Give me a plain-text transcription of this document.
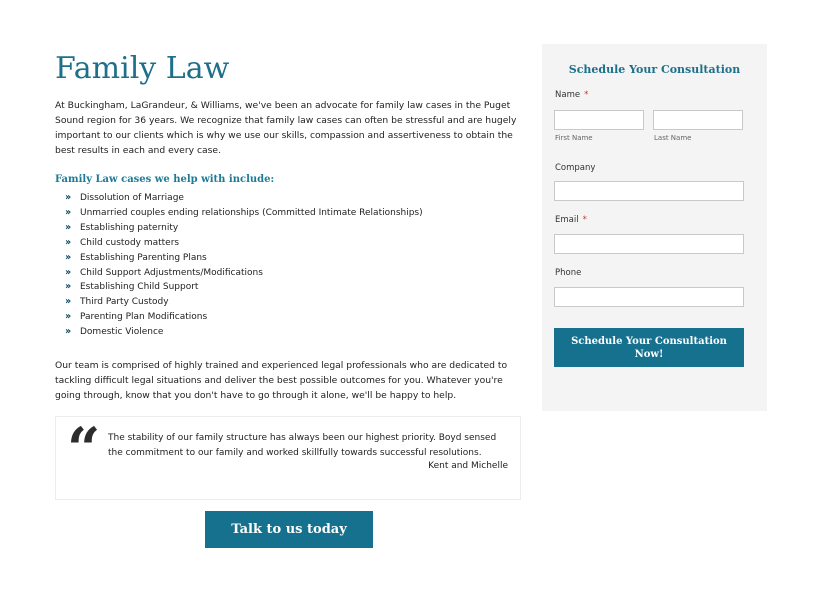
Family Law

At Buckingham, LaGrandeur, & Williams, we've been an advocate for family law cases in the Puget Sound region for 36 years. We recognize that family law cases can often be stressful and are hugely important to our clients which is why we use our skills, compassion and assertiveness to obtain the best results in each and every case.

Family Law cases we help with include:
››	Dissolution of Marriage
››	Unmarried couples ending relationships (Committed Intimate Relationships)
››	Establishing paternity
››	Child custody matters
››	Establishing Parenting Plans
››	Child Support Adjustments/Modifications
››	Establishing Child Support
››	Third Party Custody
››	Parenting Plan Modifications
››	Domestic Violence

Our team is comprised of highly trained and experienced legal professionals who are dedicated to tackling difficult legal situations and deliver the best possible outcomes for you. Whatever you're going through, know that you don't have to go through it alone, we'll be happy to help.

“ The stability of our family structure has always been our highest priority. Boyd sensed the commitment to our family and worked skillfully towards successful resolutions.

Kent and Michelle
Talk to us today
Schedule Your Consultation
Name *
First Name	Last Name
Company
Email *
Phone
Schedule Your Consultation Now!
